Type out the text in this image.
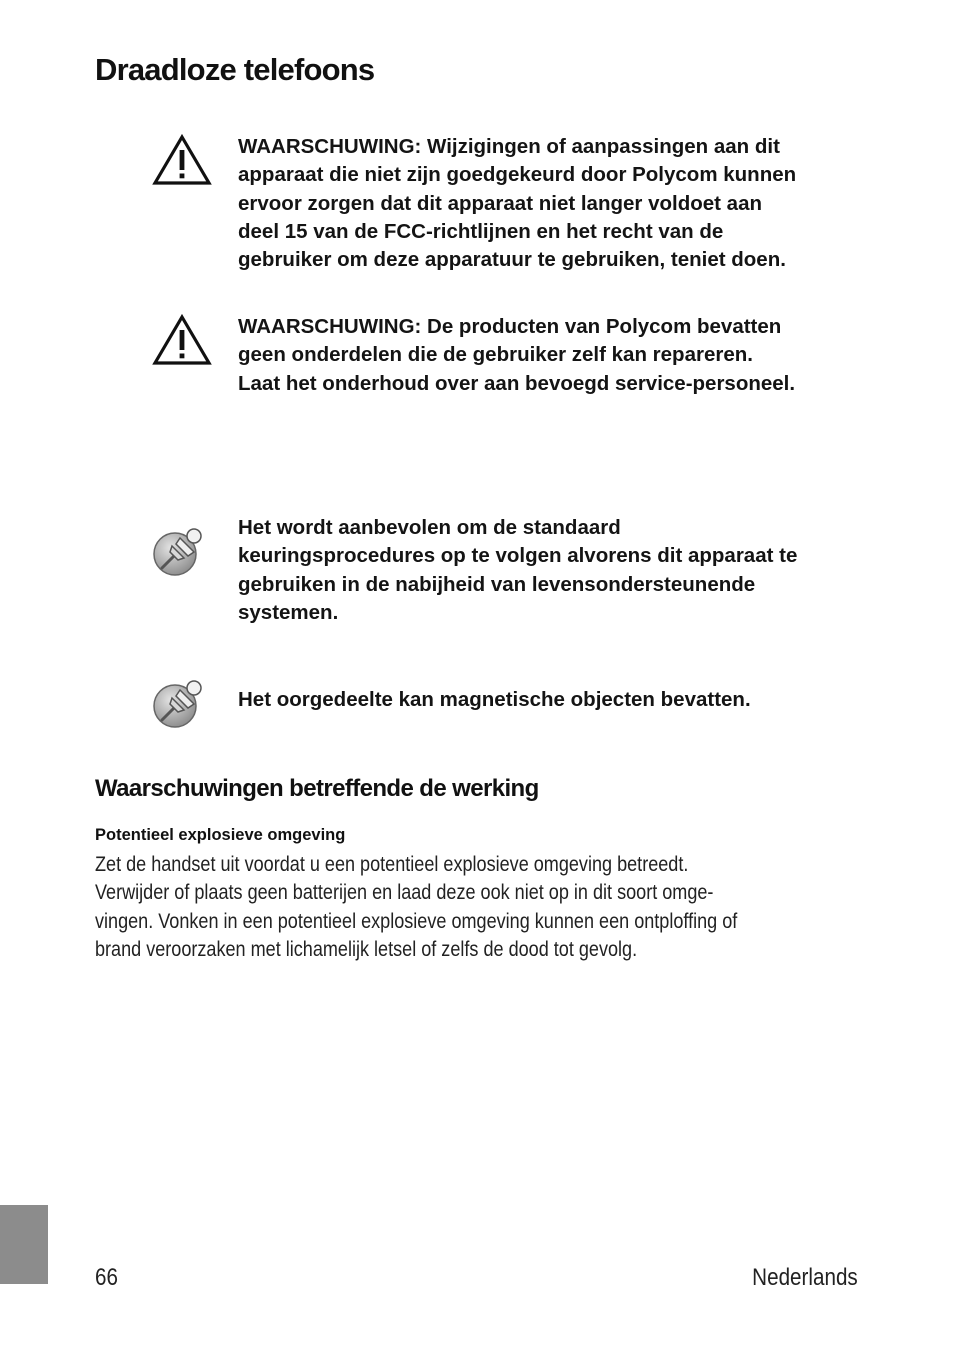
Draadloze telefoons

WAARSCHUWING: Wijzigingen of aanpassingen aan dit
apparaat die niet zijn goedgekeurd door Polycom kunnen
ervoor zorgen dat dit apparaat niet langer voldoet aan
deel 15 van de FCC-richtlijnen en het recht van de
gebruiker om deze apparatuur te gebruiken, teniet doen.

WAARSCHUWING: De producten van Polycom bevatten
geen onderdelen die de gebruiker zelf kan repareren.
Laat het onderhoud over aan bevoegd service-personeel.

Het wordt aanbevolen om de standaard
keuringsprocedures op te volgen alvorens dit apparaat te
gebruiken in de nabijheid van levensondersteunende
systemen.

Het oorgedeelte kan magnetische objecten bevatten.

Waarschuwingen betreffende de werking
Potentieel explosieve omgeving

Zet de handset uit voordat u een potentieel explosieve omgeving betreedt.
Verwijder of plaats geen batterijen en laad deze ook niet op in dit soort omge-
vingen. Vonken in een potentieel explosieve omgeving kunnen een ontploffing of
brand veroorzaken met lichamelijk letsel of zelfs de dood tot gevolg.

66	Nederlands
